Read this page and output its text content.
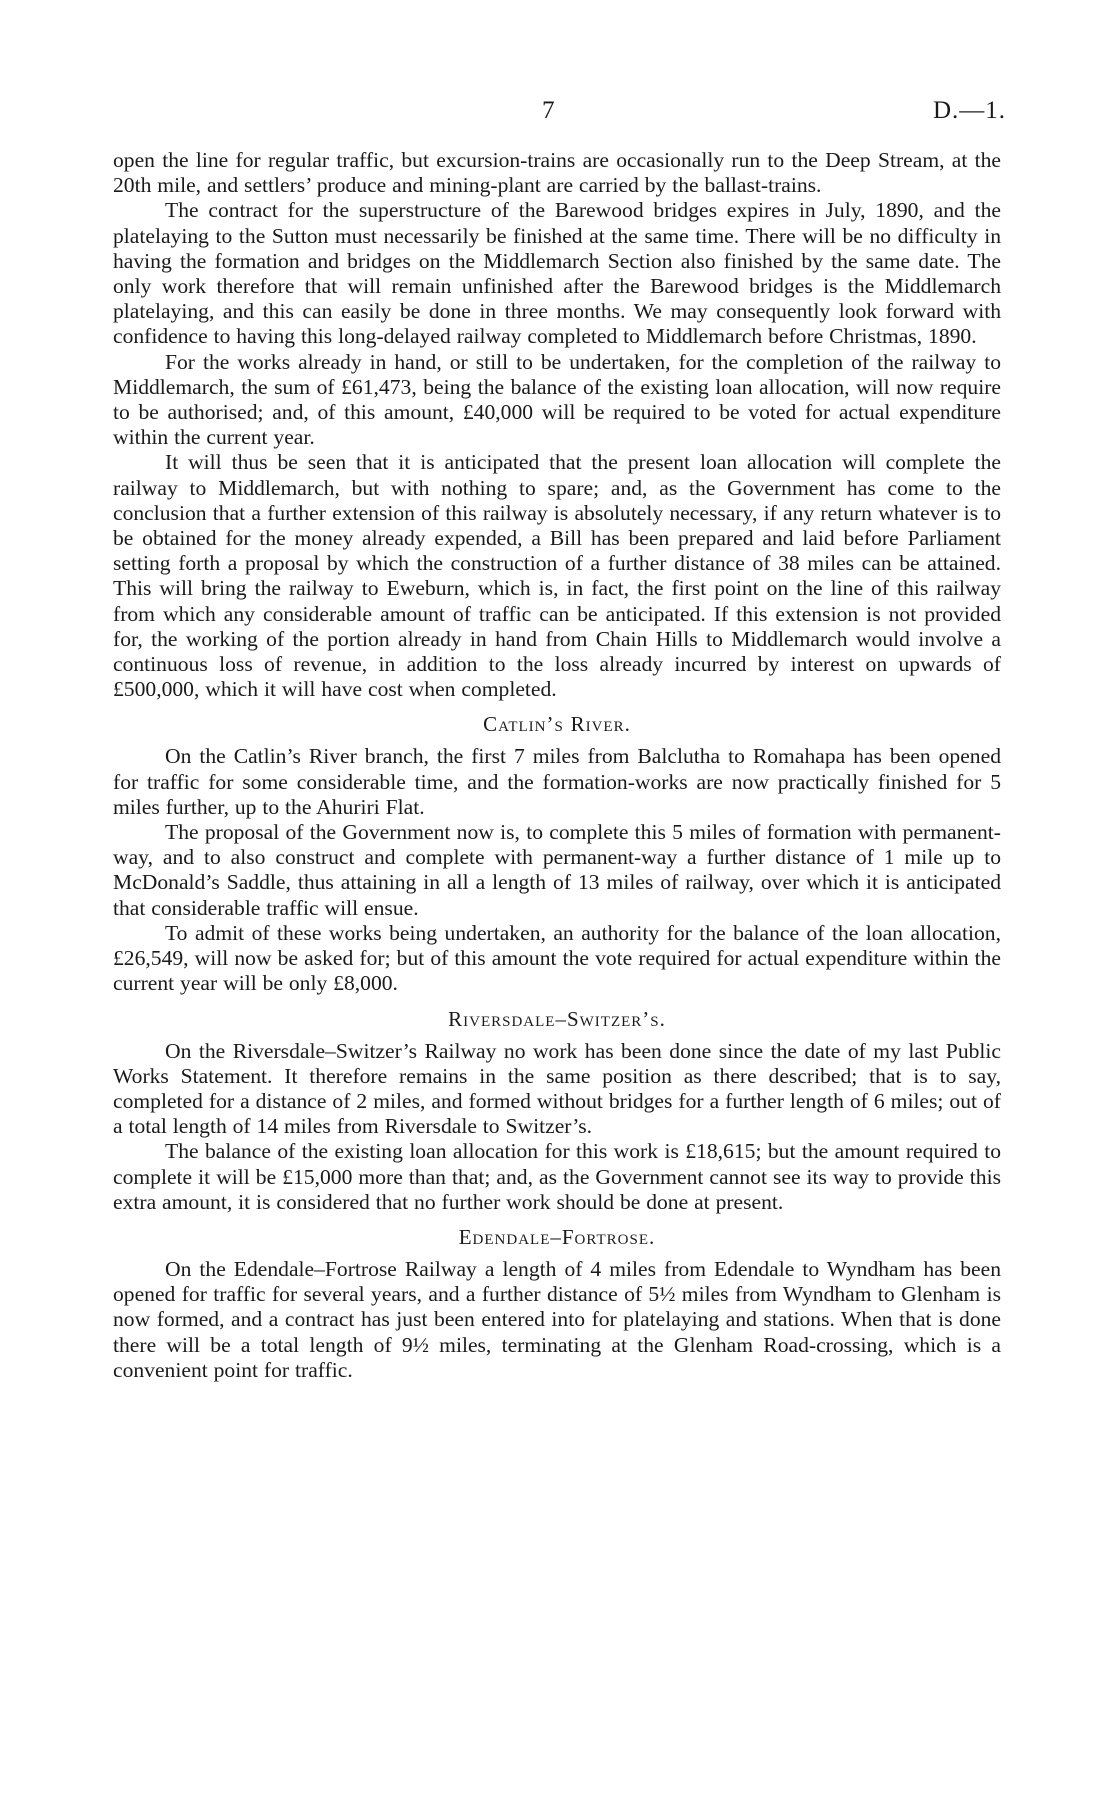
7	D.—1.

open the line for regular traffic, but excursion-trains are occasionally run to the Deep Stream, at the 20th mile, and settlers’ produce and mining-plant are carried by the ballast-trains.

The contract for the superstructure of the Barewood bridges expires in July, 1890, and the platelaying to the Sutton must necessarily be finished at the same time. There will be no difficulty in having the formation and bridges on the Middlemarch Section also finished by the same date. The only work therefore that will remain unfinished after the Barewood bridges is the Middlemarch platelaying, and this can easily be done in three months. We may consequently look forward with confidence to having this long-delayed railway completed to Middlemarch before Christmas, 1890.

For the works already in hand, or still to be undertaken, for the completion of the railway to Middlemarch, the sum of £61,473, being the balance of the existing loan allocation, will now require to be authorised; and, of this amount, £40,000 will be required to be voted for actual expenditure within the current year.

It will thus be seen that it is anticipated that the present loan allocation will complete the railway to Middlemarch, but with nothing to spare; and, as the Government has come to the conclusion that a further extension of this railway is absolutely necessary, if any return whatever is to be obtained for the money already expended, a Bill has been prepared and laid before Parliament setting forth a proposal by which the construction of a further distance of 38 miles can be attained. This will bring the railway to Eweburn, which is, in fact, the first point on the line of this railway from which any considerable amount of traffic can be anticipated. If this extension is not provided for, the working of the portion already in hand from Chain Hills to Middlemarch would involve a continuous loss of revenue, in addition to the loss already incurred by interest on upwards of £500,000, which it will have cost when completed.

Catlin’s River.

On the Catlin’s River branch, the first 7 miles from Balclutha to Romahapa has been opened for traffic for some considerable time, and the formation-works are now practically finished for 5 miles further, up to the Ahuriri Flat.

The proposal of the Government now is, to complete this 5 miles of formation with permanent-way, and to also construct and complete with permanent-way a further distance of 1 mile up to McDonald’s Saddle, thus attaining in all a length of 13 miles of railway, over which it is anticipated that considerable traffic will ensue.

To admit of these works being undertaken, an authority for the balance of the loan allocation, £26,549, will now be asked for; but of this amount the vote required for actual expenditure within the current year will be only £8,000.

Riversdale–Switzer’s.

On the Riversdale–Switzer’s Railway no work has been done since the date of my last Public Works Statement. It therefore remains in the same position as there described; that is to say, completed for a distance of 2 miles, and formed without bridges for a further length of 6 miles; out of a total length of 14 miles from Riversdale to Switzer’s.

The balance of the existing loan allocation for this work is £18,615; but the amount required to complete it will be £15,000 more than that; and, as the Government cannot see its way to provide this extra amount, it is considered that no further work should be done at present.

Edendale–Fortrose.

On the Edendale–Fortrose Railway a length of 4 miles from Edendale to Wyndham has been opened for traffic for several years, and a further distance of 5½ miles from Wyndham to Glenham is now formed, and a contract has just been entered into for platelaying and stations. When that is done there will be a total length of 9½ miles, terminating at the Glenham Road-crossing, which is a convenient point for traffic.
